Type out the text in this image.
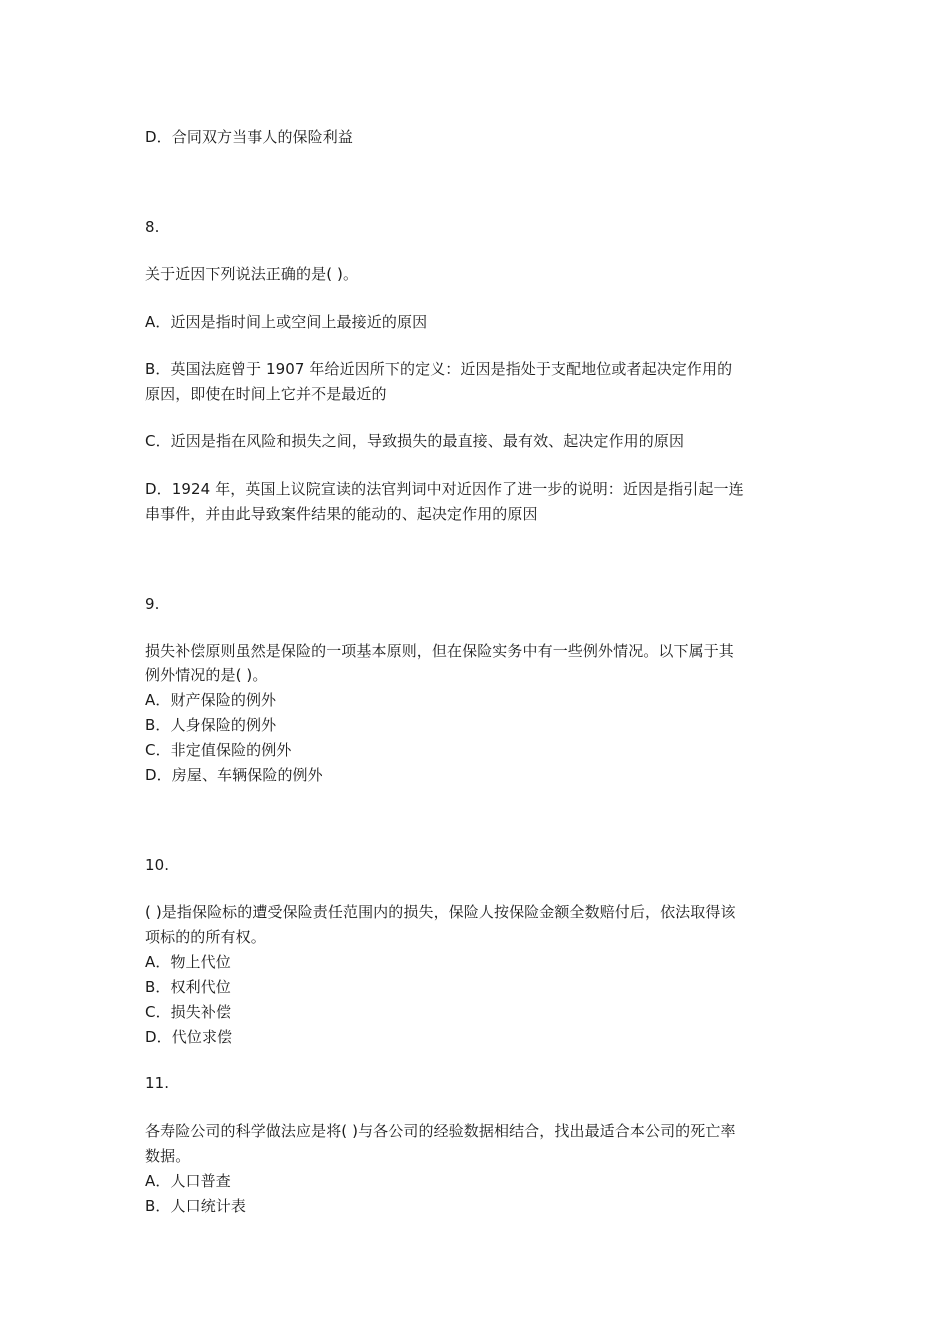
D．合同双方当事人的保险利益
8.
关于近因下列说法正确的是( )。
A．近因是指时间上或空间上最接近的原因
B．英国法庭曾于 1907 年给近因所下的定义：近因是指处于支配地位或者起决定作用的
原因，即使在时间上它并不是最近的
C．近因是指在风险和损失之间，导致损失的最直接、最有效、起决定作用的原因
D．1924 年，英国上议院宣读的法官判词中对近因作了进一步的说明：近因是指引起一连
串事件，并由此导致案件结果的能动的、起决定作用的原因
9.
损失补偿原则虽然是保险的一项基本原则，但在保险实务中有一些例外情况。以下属于其
例外情况的是( )。
A．财产保险的例外
B．人身保险的例外
C．非定值保险的例外
D．房屋、车辆保险的例外
10.
( )是指保险标的遭受保险责任范围内的损失，保险人按保险金额全数赔付后，依法取得该
项标的的所有权。
A．物上代位
B．权利代位
C．损失补偿
D．代位求偿
11.
各寿险公司的科学做法应是将( )与各公司的经验数据相结合，找出最适合本公司的死亡率
数据。
A．人口普查
B．人口统计表
